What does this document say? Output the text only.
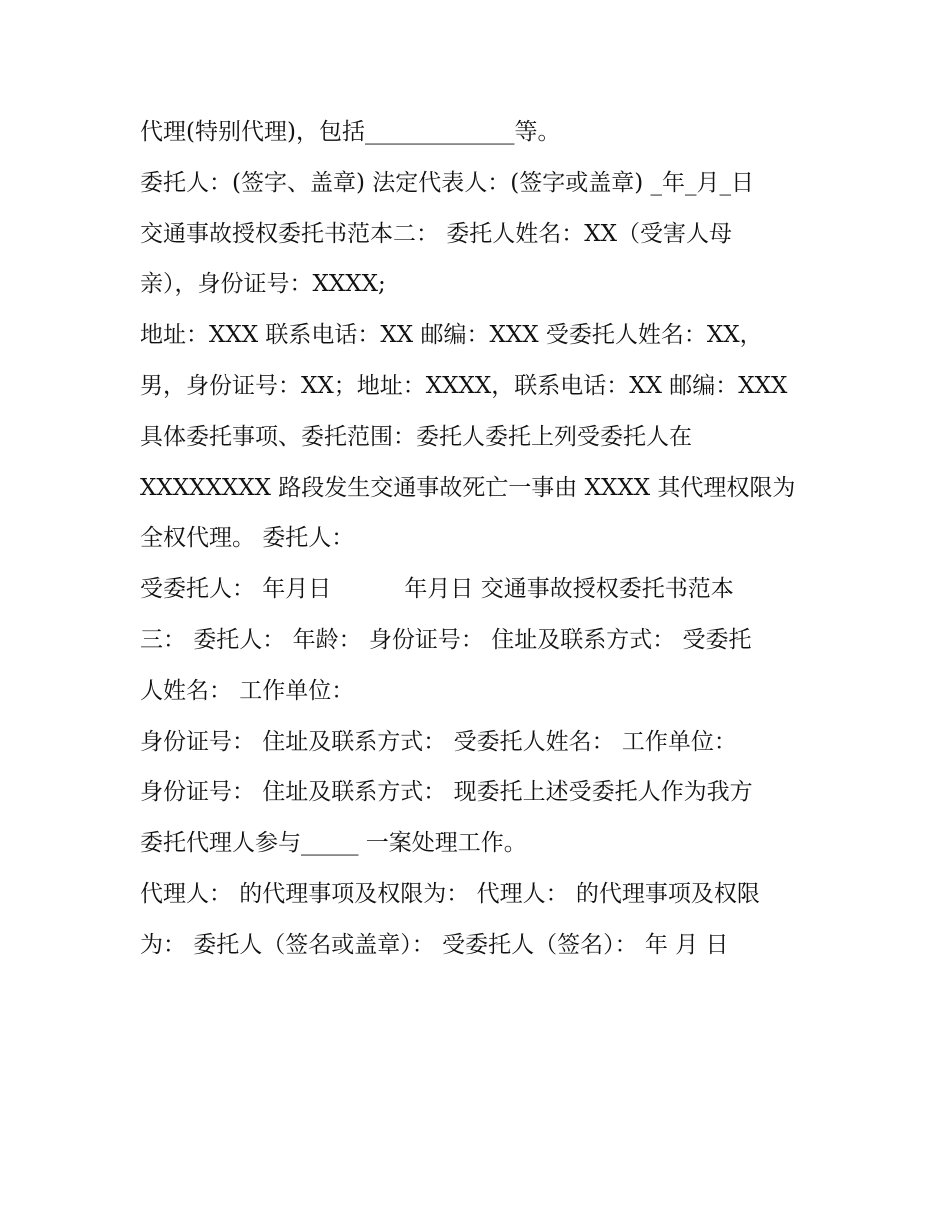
代理(特别代理)，包括_____________等。
委托人：(签字、盖章) 法定代表人：(签字或盖章) _年_月_日
交通事故授权委托书范本二： 委托人姓名：XX（受害人母
亲），身份证号：XXXX;
地址：XXX 联系电话：XX 邮编：XXX 受委托人姓名：XX，
男，身份证号：XX；地址：XXXX，联系电话：XX 邮编：XXX
具体委托事项、委托范围：委托人委托上列受委托人在
XXXXXXXX 路段发生交通事故死亡一事由 XXXX 其代理权限为
全权代理。 委托人：
受委托人： 年月日          年月日 交通事故授权委托书范本
三： 委托人： 年龄： 身份证号： 住址及联系方式： 受委托
人姓名： 工作单位：
身份证号： 住址及联系方式： 受委托人姓名： 工作单位：
身份证号： 住址及联系方式： 现委托上述受委托人作为我方
委托代理人参与_____ 一案处理工作。
代理人： 的代理事项及权限为： 代理人： 的代理事项及权限
为： 委托人（签名或盖章）： 受委托人（签名）： 年 月 日
